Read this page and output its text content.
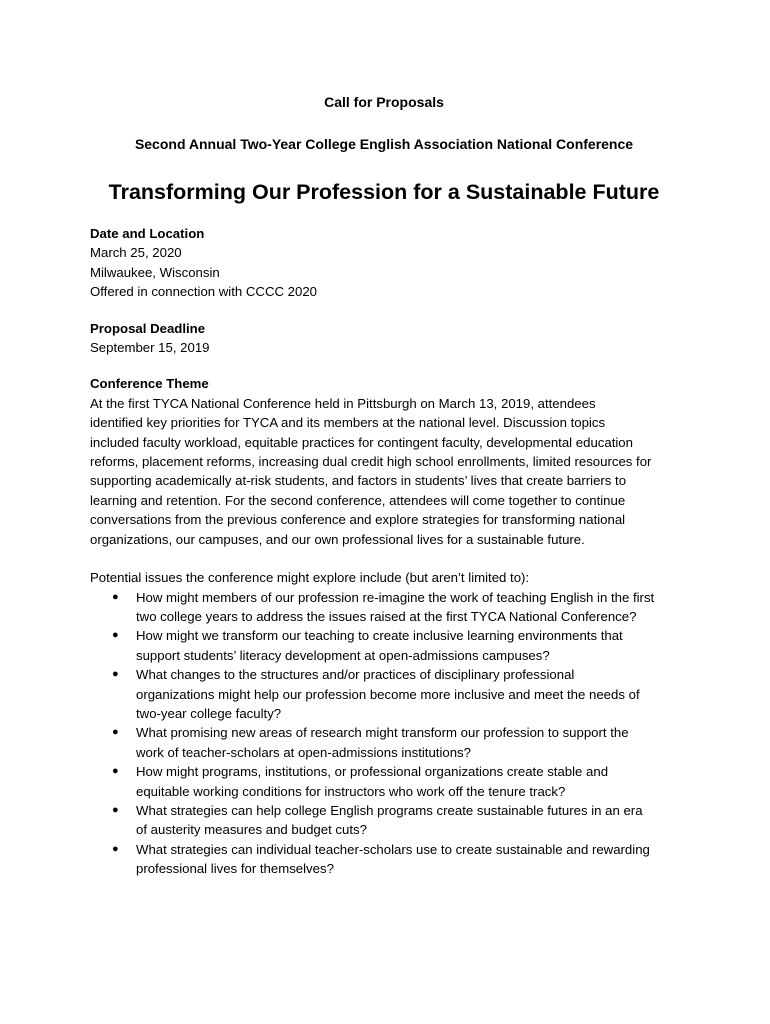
Call for Proposals

Second Annual Two-Year College English Association National Conference

Transforming Our Profession for a Sustainable Future
Date and Location
March 25, 2020
Milwaukee, Wisconsin
Offered in connection with CCCC 2020
Proposal Deadline
September 15, 2019
Conference Theme

At the first TYCA National Conference held in Pittsburgh on March 13, 2019, attendees
identified key priorities for TYCA and its members at the national level. Discussion topics
included faculty workload, equitable practices for contingent faculty, developmental education
reforms, placement reforms, increasing dual credit high school enrollments, limited resources for
supporting academically at-risk students, and factors in students’ lives that create barriers to
learning and retention. For the second conference, attendees will come together to continue
conversations from the previous conference and explore strategies for transforming national
organizations, our campuses, and our own professional lives for a sustainable future.

Potential issues the conference might explore include (but aren’t limited to):
● How might members of our profession re-imagine the work of teaching English in the first
two college years to address the issues raised at the first TYCA National Conference?
● How might we transform our teaching to create inclusive learning environments that
support students’ literacy development at open-admissions campuses?
● What changes to the structures and/or practices of disciplinary professional
organizations might help our profession become more inclusive and meet the needs of
two-year college faculty?
● What promising new areas of research might transform our profession to support the
work of teacher-scholars at open-admissions institutions?
● How might programs, institutions, or professional organizations create stable and
equitable working conditions for instructors who work off the tenure track?
● What strategies can help college English programs create sustainable futures in an era
of austerity measures and budget cuts?
● What strategies can individual teacher-scholars use to create sustainable and rewarding
professional lives for themselves?
